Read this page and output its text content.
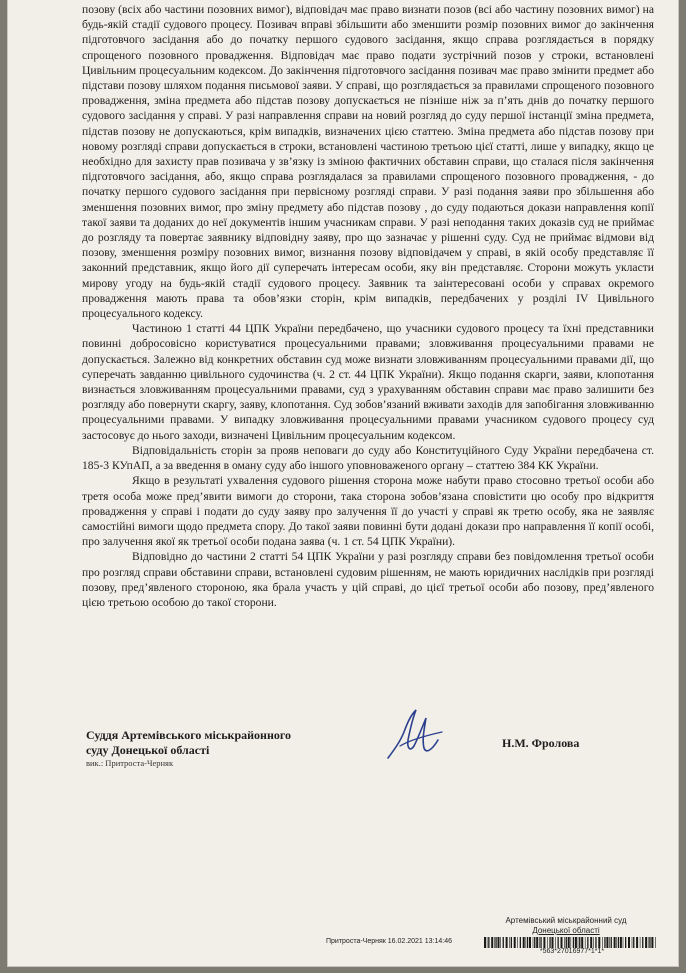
позову (всіх або частини позовних вимог), відповідач має право визнати позов (всі або частину позовних вимог) на будь-якій стадії судового процесу. Позивач вправі збільшити або зменшити розмір позовних вимог до закінчення підготовчого засідання або до початку першого судового засідання, якщо справа розглядається в порядку спрощеного позовного провадження. Відповідач має право подати зустрічний позов у строки, встановлені Цивільним процесуальним кодексом. До закінчення підготовчого засідання позивач має право змінити предмет або підстави позову шляхом подання письмової заяви. У справі, що розглядається за правилами спрощеного позовного провадження, зміна предмета або підстав позову допускається не пізніше ніж за п’ять днів до початку першого судового засідання у справі. У разі направлення справи на новий розгляд до суду першої інстанції зміна предмета, підстав позову не допускаються, крім випадків, визначених цією статтею. Зміна предмета або підстав позову при новому розгляді справи допускається в строки, встановлені частиною третьою цієї статті, лише у випадку, якщо це необхідно для захисту прав позивача у зв’язку із зміною фактичних обставин справи, що сталася після закінчення підготовчого засідання, або, якщо справа розглядалася за правилами спрощеного позовного провадження, - до початку першого судового засідання при первісному розгляді справи. У разі подання заяви про збільшення або зменшення позовних вимог, про зміну предмету або підстав позову , до суду подаються докази направлення копії такої заяви та доданих до неї документів іншим учасникам справи. У разі неподання таких доказів суд не приймає до розгляду та повертає заявнику відповідну заяву, про що зазначає у рішенні суду. Суд не приймає відмови від позову, зменшення розміру позовних вимог, визнання позову відповідачем у справі, в якій особу представляє її законний представник, якщо його дії суперечать інтересам особи, яку він представляє. Сторони можуть укласти мирову угоду на будь-якій стадії судового процесу. Заявник та заінтересовані особи у справах окремого провадження мають права та обов’язки сторін, крім випадків, передбачених у розділі IV Цивільного процесуального кодексу.

Частиною 1 статті 44 ЦПК України передбачено, що учасники судового процесу та їхні представники повинні добросовісно користуватися процесуальними правами; зловживання процесуальними правами не допускається. Залежно від конкретних обставин суд може визнати зловживанням процесуальними правами дії, що суперечать завданню цивільного судочинства (ч. 2 ст. 44 ЦПК України). Якщо подання скарги, заяви, клопотання визнається зловживанням процесуальними правами, суд з урахуванням обставин справи має право залишити без розгляду або повернути скаргу, заяву, клопотання. Суд зобов’язаний вживати заходів для запобігання зловживанню процесуальними правами. У випадку зловживання процесуальними правами учасником судового процесу суд застосовує до нього заходи, визначені Цивільним процесуальним кодексом.

Відповідальність сторін за прояв неповаги до суду або Конституційного Суду України передбачена ст. 185-3 КУпАП, а за введення в оману суду або іншого уповноваженого органу – статтею 384 КК України.

Якщо в результаті ухвалення судового рішення сторона може набути право стосовно третьої особи або третя особа може пред’явити вимоги до сторони, така сторона зобов’язана сповістити цю особу про відкриття провадження у справі і подати до суду заяву про залучення її до участі у справі як третю особу, яка не заявляє самостійні вимоги щодо предмета спору. До такої заяви повинні бути додані докази про направлення її копії особі, про залучення якої як третьої особи подана заява (ч. 1 ст. 54 ЦПК України).

Відповідно до частини 2 статті 54 ЦПК України у разі розгляду справи без повідомлення третьої особи про розгляд справи обставини справи, встановлені судовим рішенням, не мають юридичних наслідків при розгляді позову, пред’явленого стороною, яка брала участь у цій справі, до цієї третьої особи або позову, пред’явленого цією третьою особою до такої сторони.

Суддя Артемівського міськрайонного
суду Донецької області
вик.: Притроста-Черняк
Н.М. Фролова
Артемівський міськрайонний суд
Донецької області
Притроста-Черняк 16.02.2021 13:14:46
*563*27016977*1*1*
